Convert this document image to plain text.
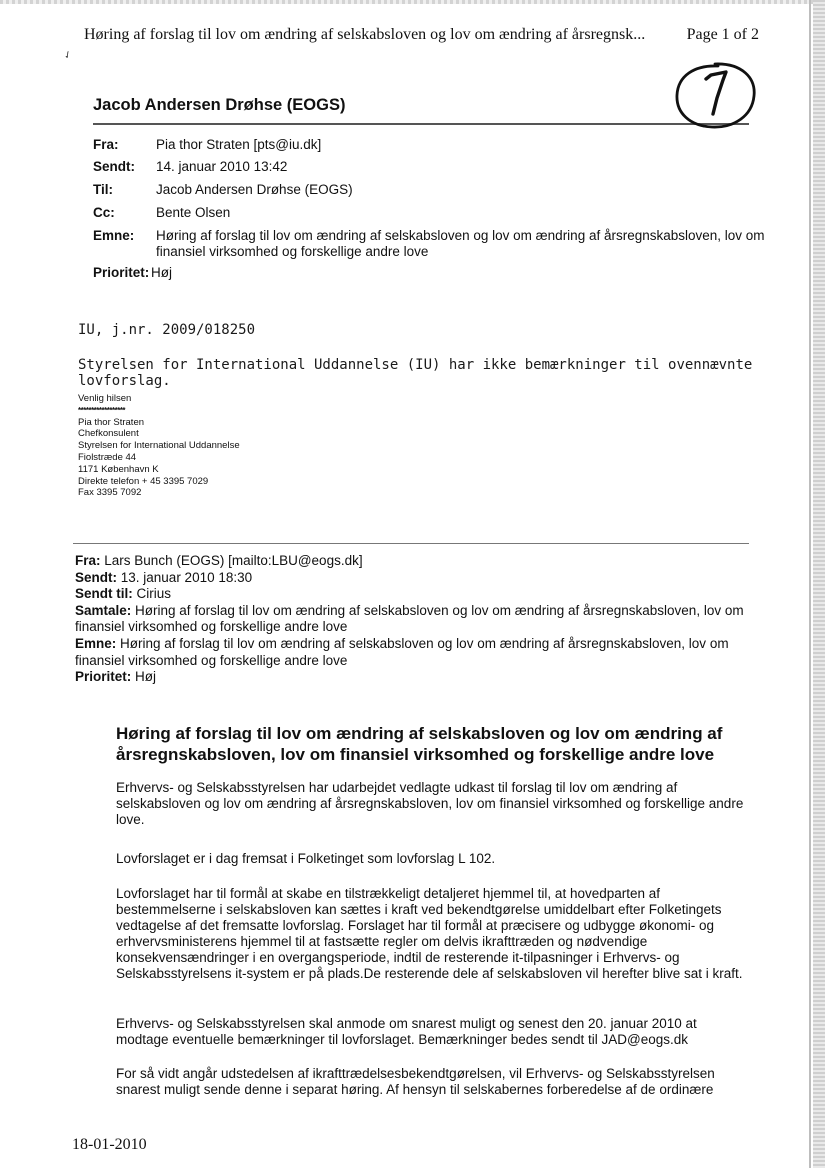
Høring af forslag til lov om ændring af selskabsloven og lov om ændring af årsregnsk...	Page 1 of 2
✓
Jacob Andersen Drøhse (EOGS)
Fra:	Pia thor Straten [pts@iu.dk]
Sendt: 14. januar 2010 13:42
Til:	Jacob Andersen Drøhse (EOGS)
Cc:	Bente Olsen
Emne: Høring af forslag til lov om ændring af selskabsloven og lov om ændring af årsregnskabsloven, lov om finansiel virksomhed og forskellige andre love
Prioritet: Høj
IU, j.nr. 2009/018250
Styrelsen for International Uddannelse (IU) har ikke bemærkninger til ovennævnte lovforslag.
Venlig hilsen
******************
Pia thor Straten
Chefkonsulent
Styrelsen for International Uddannelse
Fiolstræde 44
1171 København K
Direkte telefon + 45 3395 7029
Fax 3395 7092
Fra: Lars Bunch (EOGS) [mailto:LBU@eogs.dk]
Sendt: 13. januar 2010 18:30
Sendt til: Cirius
Samtale: Høring af forslag til lov om ændring af selskabsloven og lov om ændring af årsregnskabsloven, lov om finansiel virksomhed og forskellige andre love
Emne: Høring af forslag til lov om ændring af selskabsloven og lov om ændring af årsregnskabsloven, lov om finansiel virksomhed og forskellige andre love
Prioritet: Høj
Høring af forslag til lov om ændring af selskabsloven og lov om ændring af årsregnskabsloven, lov om finansiel virksomhed og forskellige andre love
Erhvervs- og Selskabsstyrelsen har udarbejdet vedlagte udkast til forslag til lov om ændring af selskabsloven og lov om ændring af årsregnskabsloven, lov om finansiel virksomhed og forskellige andre love.
Lovforslaget er i dag fremsat i Folketinget som lovforslag L 102.
Lovforslaget har til formål at skabe en tilstrækkeligt detaljeret hjemmel til, at hovedparten af bestemmelserne i selskabsloven kan sættes i kraft ved bekendtgørelse umiddelbart efter Folketingets vedtagelse af det fremsatte lovforslag. Forslaget har til formål at præcisere og udbygge økonomi- og erhvervsministerens hjemmel til at fastsætte regler om delvis ikrafttræden og nødvendige konsekvensændringer i en overgangsperiode, indtil de resterende it-tilpasninger i Erhvervs- og Selskabsstyrelsens it-system er på plads.De resterende dele af selskabsloven vil herefter blive sat i kraft.
Erhvervs- og Selskabsstyrelsen skal anmode om snarest muligt og senest den 20. januar 2010 at modtage eventuelle bemærkninger til lovforslaget. Bemærkninger bedes sendt til JAD@eogs.dk
For så vidt angår udstedelsen af ikrafttrædelsesbekendtgørelsen, vil Erhvervs- og Selskabsstyrelsen snarest muligt sende denne i separat høring. Af hensyn til selskabernes forberedelse af de ordinære
18-01-2010
